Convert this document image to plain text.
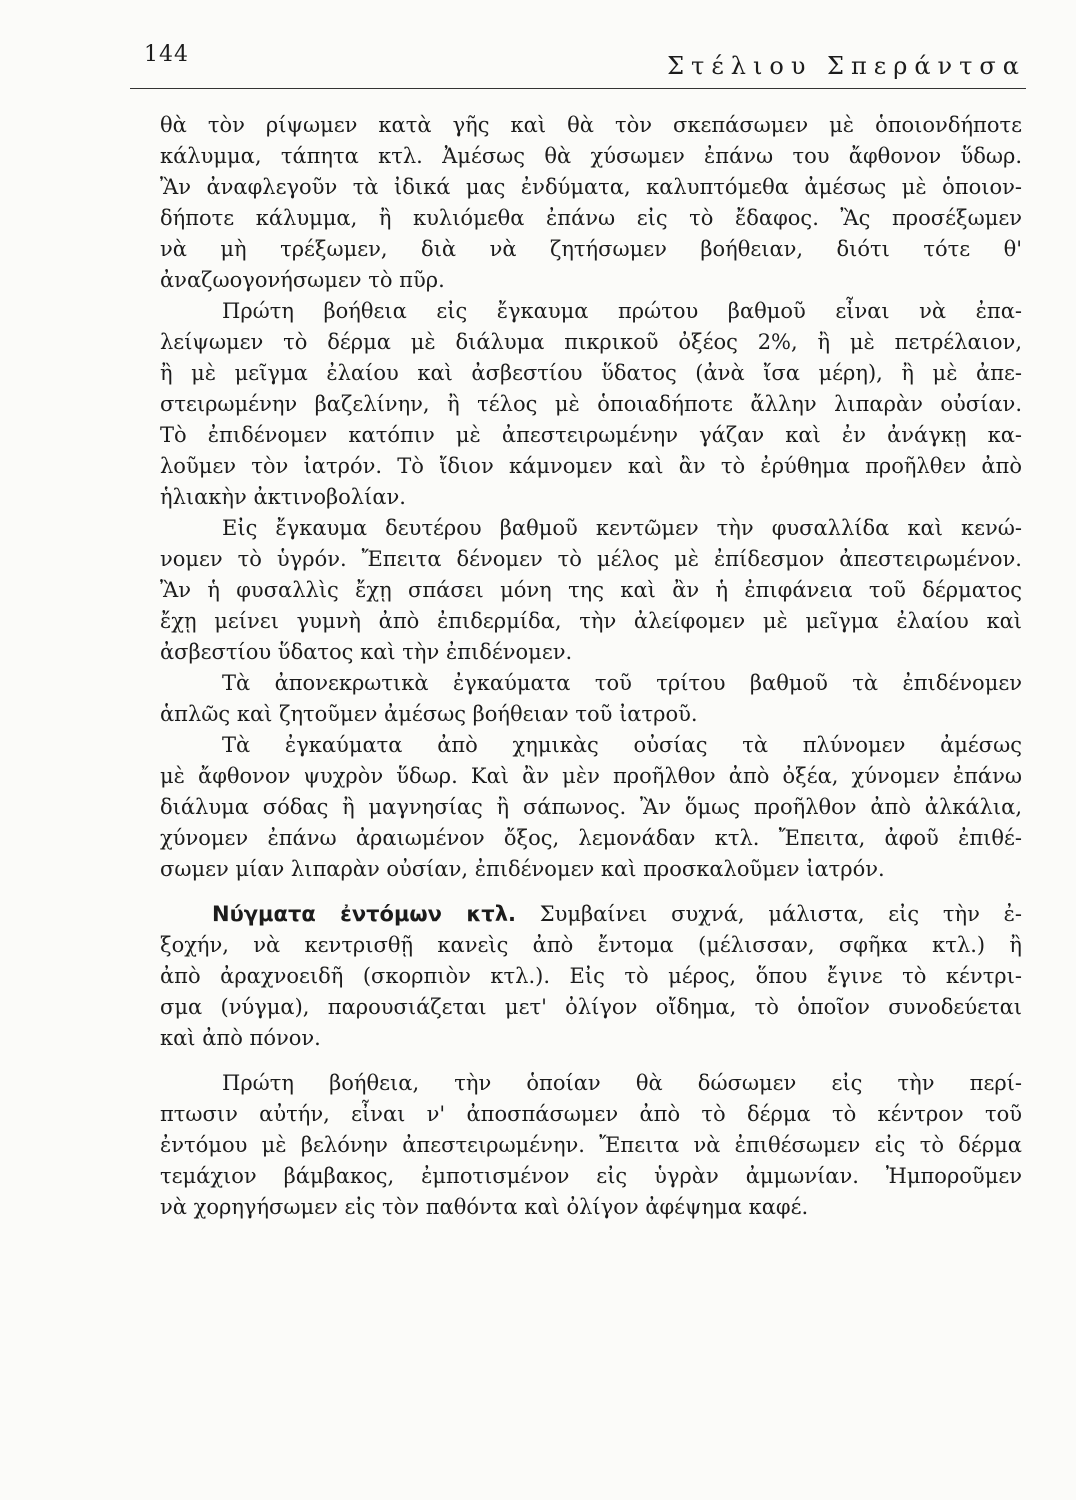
144	Στέλιου Σπεράντσα
θὰ τὸν ρίψωμεν κατὰ γῆς καὶ θὰ τὸν σκεπάσωμεν μὲ ὁποιονδήποτε
κάλυμμα, τάπητα κτλ. Ἀμέσως θὰ χύσωμεν ἐπάνω του ἄφθονον ὕδωρ.
Ἂν ἀναφλεγοῦν τὰ ἰδικά μας ἐνδύματα, καλυπτόμεθα ἀμέσως μὲ ὁποιον-
δήποτε κάλυμμα, ἢ κυλιόμεθα ἐπάνω εἰς τὸ ἔδαφος. Ἂς προσέξωμεν
νὰ μὴ τρέξωμεν, διὰ νὰ ζητήσωμεν βοήθειαν, διότι τότε θ'
ἀναζωογονήσωμεν τὸ πῦρ.
Πρώτη βοήθεια εἰς ἔγκαυμα πρώτου βαθμοῦ εἶναι νὰ ἐπα-
λείψωμεν τὸ δέρμα μὲ διάλυμα πικρικοῦ ὀξέος 2%, ἢ μὲ πετρέλαιον,
ἢ μὲ μεῖγμα ἐλαίου καὶ ἀσβεστίου ὕδατος (ἀνὰ ἴσα μέρη), ἢ μὲ ἀπε-
στειρωμένην βαζελίνην, ἢ τέλος μὲ ὁποιαδήποτε ἄλλην λιπαρὰν οὐσίαν.
Τὸ ἐπιδένομεν κατόπιν μὲ ἀπεστειρωμένην γάζαν καὶ ἐν ἀνάγκῃ κα-
λοῦμεν τὸν ἰατρόν. Τὸ ἴδιον κάμνομεν καὶ ἂν τὸ ἐρύθημα προῆλθεν ἀπὸ
ἡλιακὴν ἀκτινοβολίαν.
Εἰς ἔγκαυμα δευτέρου βαθμοῦ κεντῶμεν τὴν φυσαλλίδα καὶ κενώ-
νομεν τὸ ὑγρόν. Ἔπειτα δένομεν τὸ μέλος μὲ ἐπίδεσμον ἀπεστειρωμένον.
Ἂν ἡ φυσαλλὶς ἔχῃ σπάσει μόνη της καὶ ἂν ἡ ἐπιφάνεια τοῦ δέρματος
ἔχῃ μείνει γυμνὴ ἀπὸ ἐπιδερμίδα, τὴν ἀλείφομεν μὲ μεῖγμα ἐλαίου καὶ
ἀσβεστίου ὕδατος καὶ τὴν ἐπιδένομεν.
Τὰ ἀπονεκρωτικὰ ἐγκαύματα τοῦ τρίτου βαθμοῦ τὰ ἐπιδένομεν
ἁπλῶς καὶ ζητοῦμεν ἀμέσως βοήθειαν τοῦ ἰατροῦ.
Τὰ ἐγκαύματα ἀπὸ χημικὰς οὐσίας τὰ πλύνομεν ἀμέσως
μὲ ἄφθονον ψυχρὸν ὕδωρ. Καὶ ἂν μὲν προῆλθον ἀπὸ ὀξέα, χύνομεν ἐπάνω
διάλυμα σόδας ἢ μαγνησίας ἢ σάπωνος. Ἂν ὅμως προῆλθον ἀπὸ ἀλκάλια,
χύνομεν ἐπάνω ἀραιωμένον ὄξος, λεμονάδαν κτλ. Ἔπειτα, ἀφοῦ ἐπιθέ-
σωμεν μίαν λιπαρὰν οὐσίαν, ἐπιδένομεν καὶ προσκαλοῦμεν ἰατρόν.
Νύγματα ἐντόμων κτλ. Συμβαίνει συχνά, μάλιστα, εἰς τὴν ἐ-
ξοχήν, νὰ κεντρισθῇ κανεὶς ἀπὸ ἔντομα (μέλισσαν, σφῆκα κτλ.) ἢ
ἀπὸ ἀραχνοειδῆ (σκορπιὸν κτλ.). Εἰς τὸ μέρος, ὅπου ἔγινε τὸ κέντρι-
σμα (νύγμα), παρουσιάζεται μετ' ὀλίγον οἴδημα, τὸ ὁποῖον συνοδεύεται
καὶ ἀπὸ πόνον.
Πρώτη βοήθεια, τὴν ὁποίαν θὰ δώσωμεν εἰς τὴν περί-
πτωσιν αὐτήν, εἶναι ν' ἀποσπάσωμεν ἀπὸ τὸ δέρμα τὸ κέντρον τοῦ
ἐντόμου μὲ βελόνην ἀπεστειρωμένην. Ἔπειτα νὰ ἐπιθέσωμεν εἰς τὸ δέρμα
τεμάχιον βάμβακος, ἐμποτισμένον εἰς ὑγρὰν ἀμμωνίαν. Ἠμποροῦμεν
νὰ χορηγήσωμεν εἰς τὸν παθόντα καὶ ὀλίγον ἀφέψημα καφέ.
